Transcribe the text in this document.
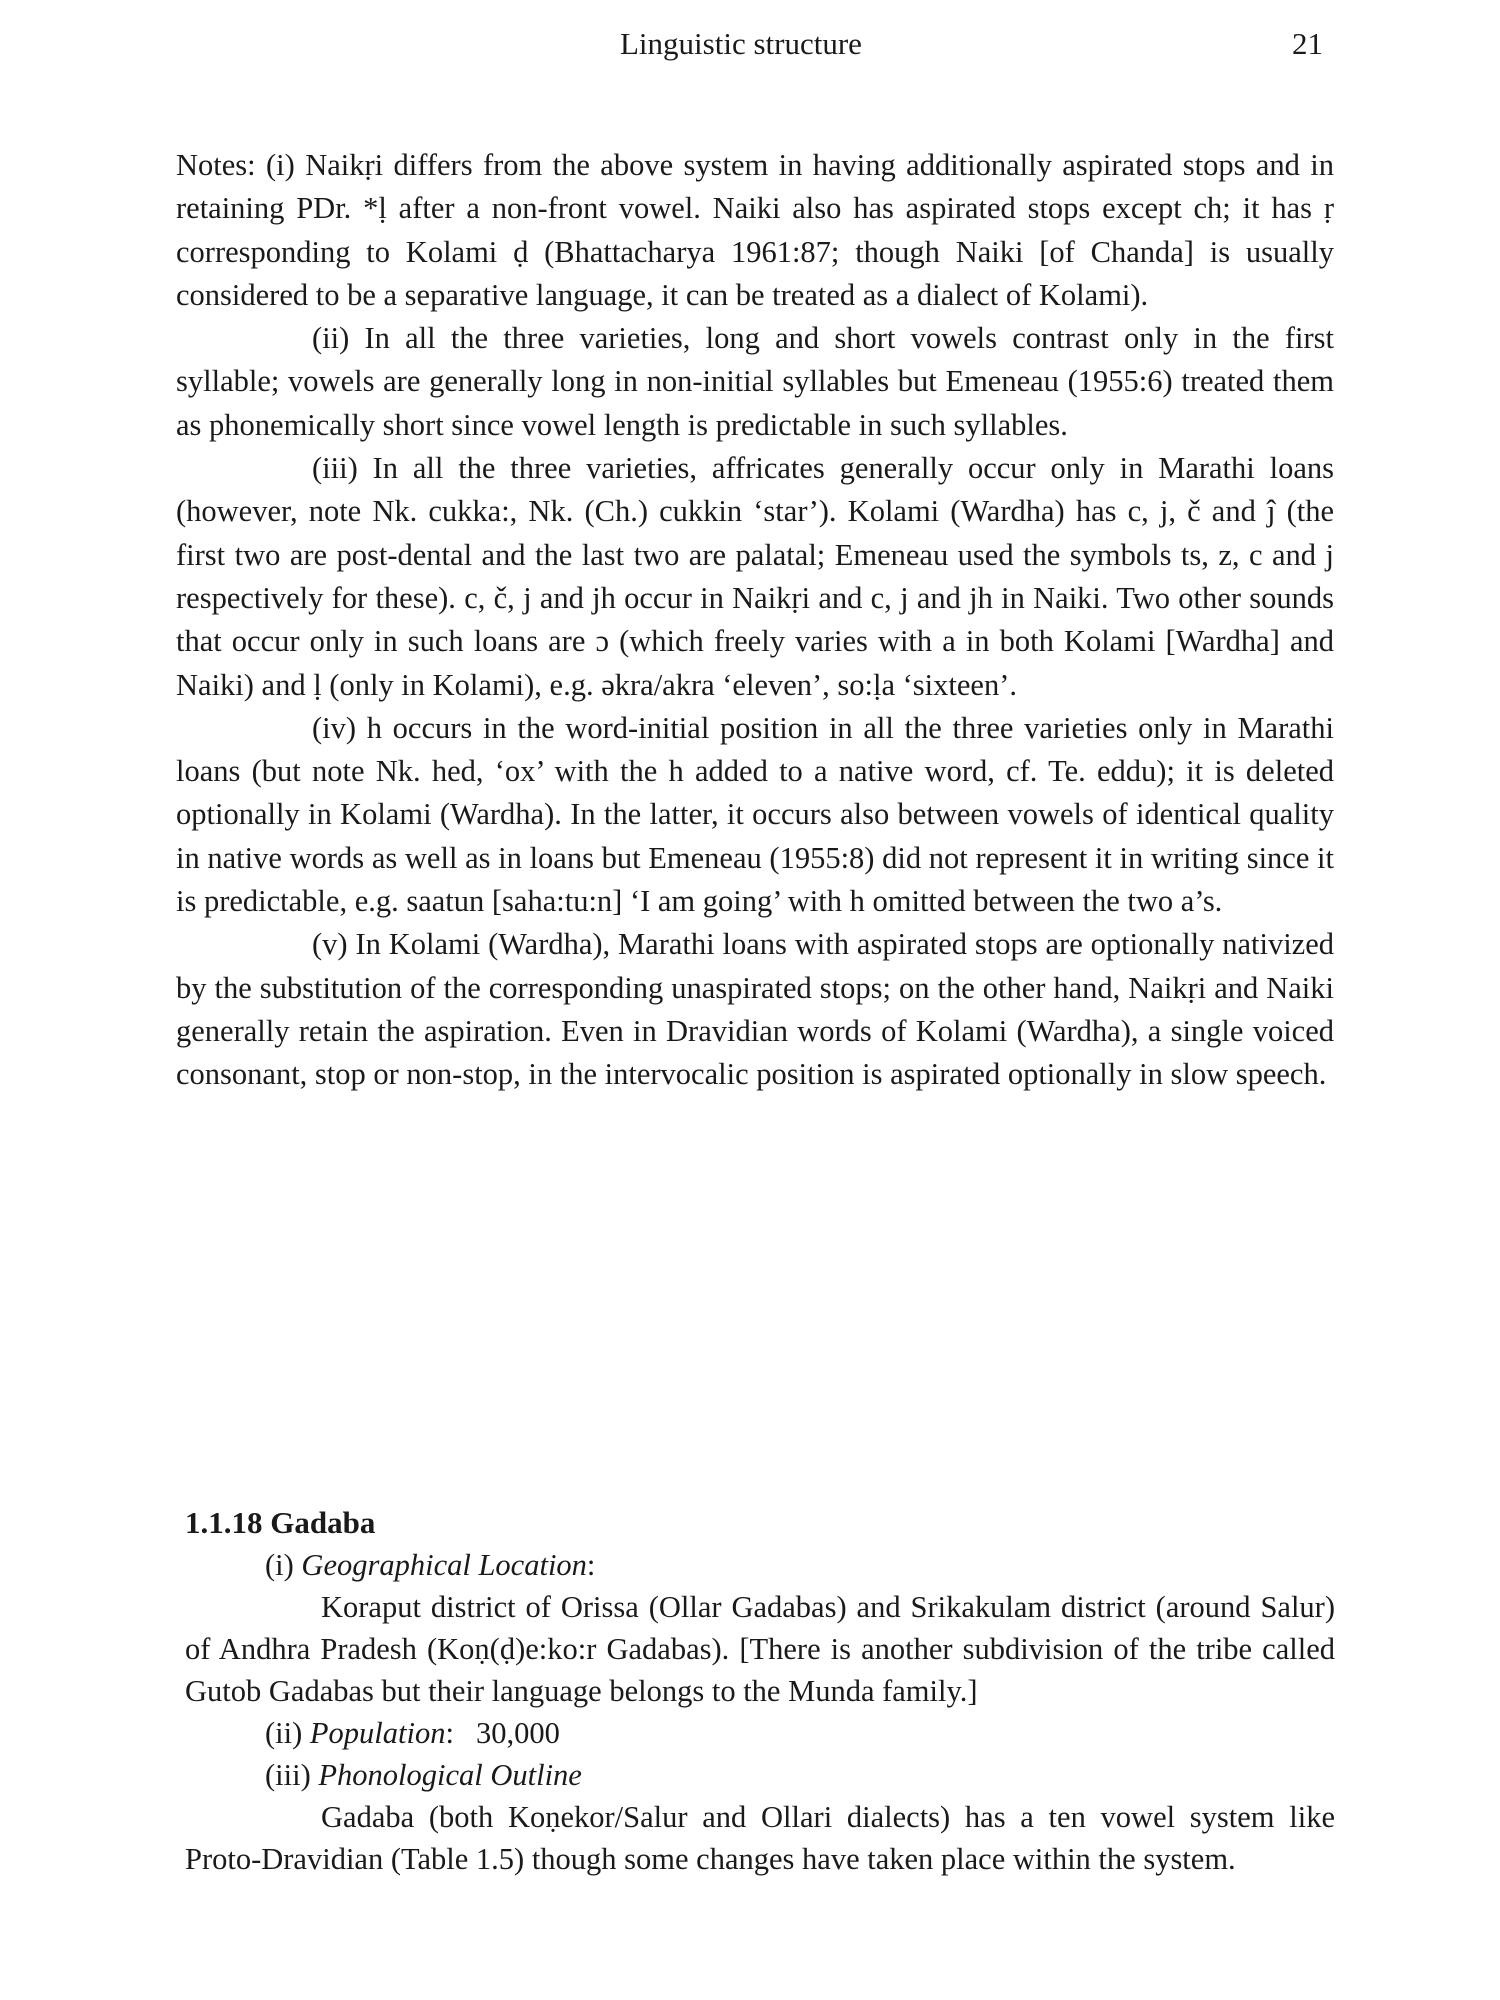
Linguistic structure	21

Notes: (i) Naikṛi differs from the above system in having additionally aspirated stops and in retaining PDr. *ḷ after a non-front vowel. Naiki also has aspirated stops except ch; it has ṛ corresponding to Kolami ḍ (Bhattacharya 1961:87; though Naiki [of Chanda] is usually considered to be a separative language, it can be treated as a dialect of Kolami).

(ii) In all the three varieties, long and short vowels contrast only in the first syllable; vowels are generally long in non-initial syllables but Emeneau (1955:6) treated them as phonemically short since vowel length is predictable in such syllables.

(iii) In all the three varieties, affricates generally occur only in Marathi loans (however, note Nk. cukka:, Nk. (Ch.) cukkin ‘star’). Kolami (Wardha) has c, j, č and ĵ (the first two are post-dental and the last two are palatal; Emeneau used the symbols ts, z, c and j respectively for these). c, č, j and jh occur in Naikṛi and c, j and jh in Naiki. Two other sounds that occur only in such loans are ɔ (which freely varies with a in both Kolami [Wardha] and Naiki) and ḷ (only in Kolami), e.g. əkra/akra ‘eleven’, so:ḷa ‘sixteen’.

(iv) h occurs in the word-initial position in all the three varieties only in Marathi loans (but note Nk. hed, ‘ox’ with the h added to a native word, cf. Te. eddu); it is deleted optionally in Kolami (Wardha). In the latter, it occurs also between vowels of identical quality in native words as well as in loans but Emeneau (1955:8) did not represent it in writing since it is predictable, e.g. saatun [saha:tu:n] ‘I am going’ with h omitted between the two a’s.

(v) In Kolami (Wardha), Marathi loans with aspirated stops are optionally nativized by the substitution of the corresponding unaspirated stops; on the other hand, Naikṛi and Naiki generally retain the aspiration. Even in Dravidian words of Kolami (Wardha), a single voiced consonant, stop or non-stop, in the intervocalic position is aspirated optionally in slow speech.

1.1.18 Gadaba

(i) Geographical Location:

Koraput district of Orissa (Ollar Gadabas) and Srikakulam district (around Salur) of Andhra Pradesh (Koṇ(ḍ)e:ko:r Gadabas). [There is another subdivision of the tribe called Gutob Gadabas but their language belongs to the Munda family.]

(ii) Population: 30,000

(iii) Phonological Outline

Gadaba (both Koṇekor/Salur and Ollari dialects) has a ten vowel system like Proto-Dravidian (Table 1.5) though some changes have taken place within the system.
